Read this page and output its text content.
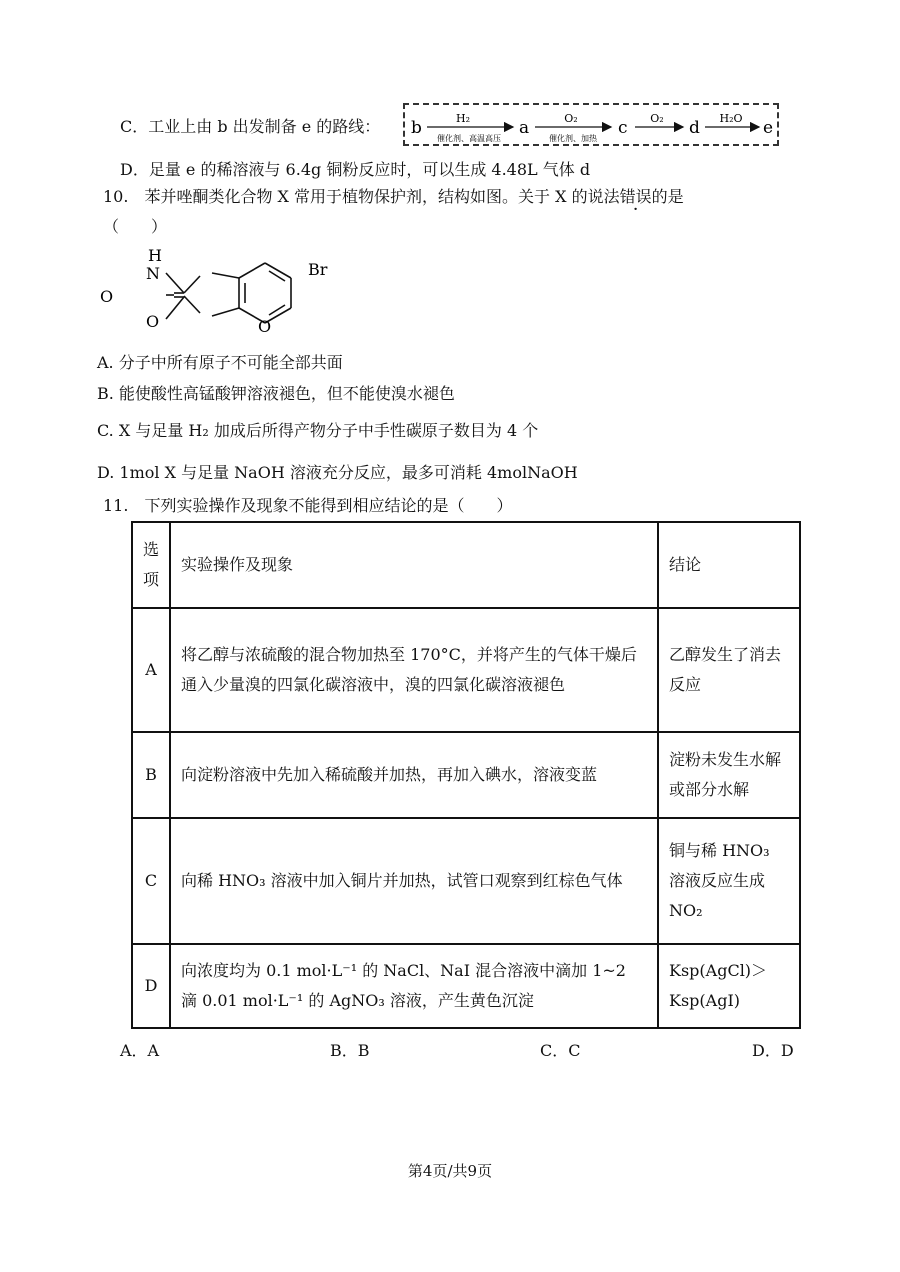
C．工业上由 b 出发制备 e 的路线： b	H₂
催化剂、高温高压
a	O₂
催化剂、加热
c O₂ d H₂O e
D．足量 e 的稀溶液与 6.4g 铜粉反应时，可以生成 4.48L 气体 d
10.　苯并唑酮类化合物 X 常用于植物保护剂，结构如图。关于 X 的说法错误的是
（　　）
H
N
O
O
Br
O
A. 分子中所有原子不可能全部共面
B. 能使酸性高锰酸钾溶液褪色，但不能使溴水褪色
C. X 与足量 H₂ 加成后所得产物分子中手性碳原子数目为 4 个
D. 1mol X 与足量 NaOH 溶液充分反应，最多可消耗 4molNaOH
11.　下列实验操作及现象不能得到相应结论的是（　　）
选项	实验操作及现象	结论
A	将乙醇与浓硫酸的混合物加热至 170°C，并将产生的气体干燥后通入少量溴的四氯化碳溶液中，溴的四氯化碳溶液褪色	乙醇发生了消去反应
B	向淀粉溶液中先加入稀硫酸并加热，再加入碘水，溶液变蓝	淀粉未发生水解或部分水解
C	向稀 HNO₃ 溶液中加入铜片并加热，试管口观察到红棕色气体	铜与稀 HNO₃ 溶液反应生成 NO₂
D	向浓度均为 0.1 mol·L⁻¹ 的 NaCl、NaI 混合溶液中滴加 1~2 滴 0.01 mol·L⁻¹ 的 AgNO₃ 溶液，产生黄色沉淀	Ksp(AgCl)＞Ksp(AgI)
A．A	B．B	C．C	D．D
第4页/共9页
